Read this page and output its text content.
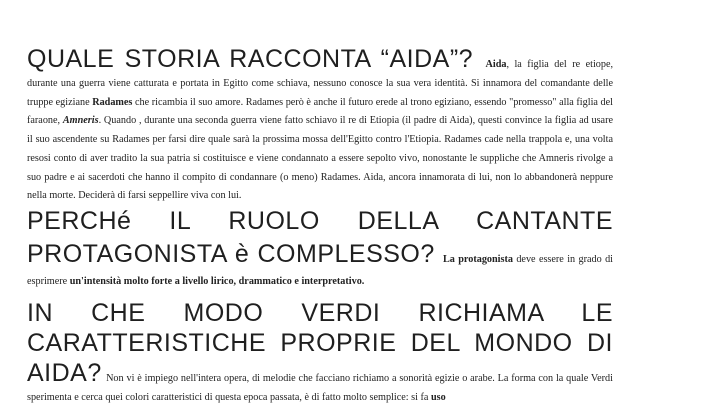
QUALE STORIA RACCONTA “AIDA”? Aida, la figlia del re etiope, durante una guerra viene catturata e portata in Egitto come schiava, nessuno conosce la sua vera identità. Si innamora del comandante delle truppe egiziane Radames che ricambia il suo amore. Radames però è anche il futuro erede al trono egiziano, essendo "promesso" alla figlia del faraone, Amneris. Quando , durante una seconda guerra viene fatto schiavo il re di Etiopia (il padre di Aida), questi convince la figlia ad usare il suo ascendente su Radames per farsi dire quale sarà la prossima mossa dell'Egitto contro l'Etiopia. Radames cade nella trappola e, una volta resosi conto di aver tradito la sua patria si costituisce e viene condannato a essere sepolto vivo, nonostante le suppliche che Amneris rivolge a suo padre e ai sacerdoti che hanno il compito di condannare (o meno) Radames. Aida, ancora innamorata di lui, non lo abbandonerà neppure nella morte. Deciderà di farsi seppellire viva con lui.
PERCHé IL RUOLO DELLA CANTANTE PROTAGONISTA è COMPLESSO? La protagonista deve essere in grado di esprimere un'intensità molto forte a livello lirico, drammatico e interpretativo.
IN CHE MODO VERDI RICHIAMA LE CARATTERISTICHE PROPRIE DEL MONDO DI AIDA? Non vi è impiego nell'intera opera, di melodie che facciano richiamo a sonorità egizie o arabe. La forma con la quale Verdi sperimenta e cerca quei colori caratteristici di questa epoca passata, è di fatto molto semplice: si fa uso
